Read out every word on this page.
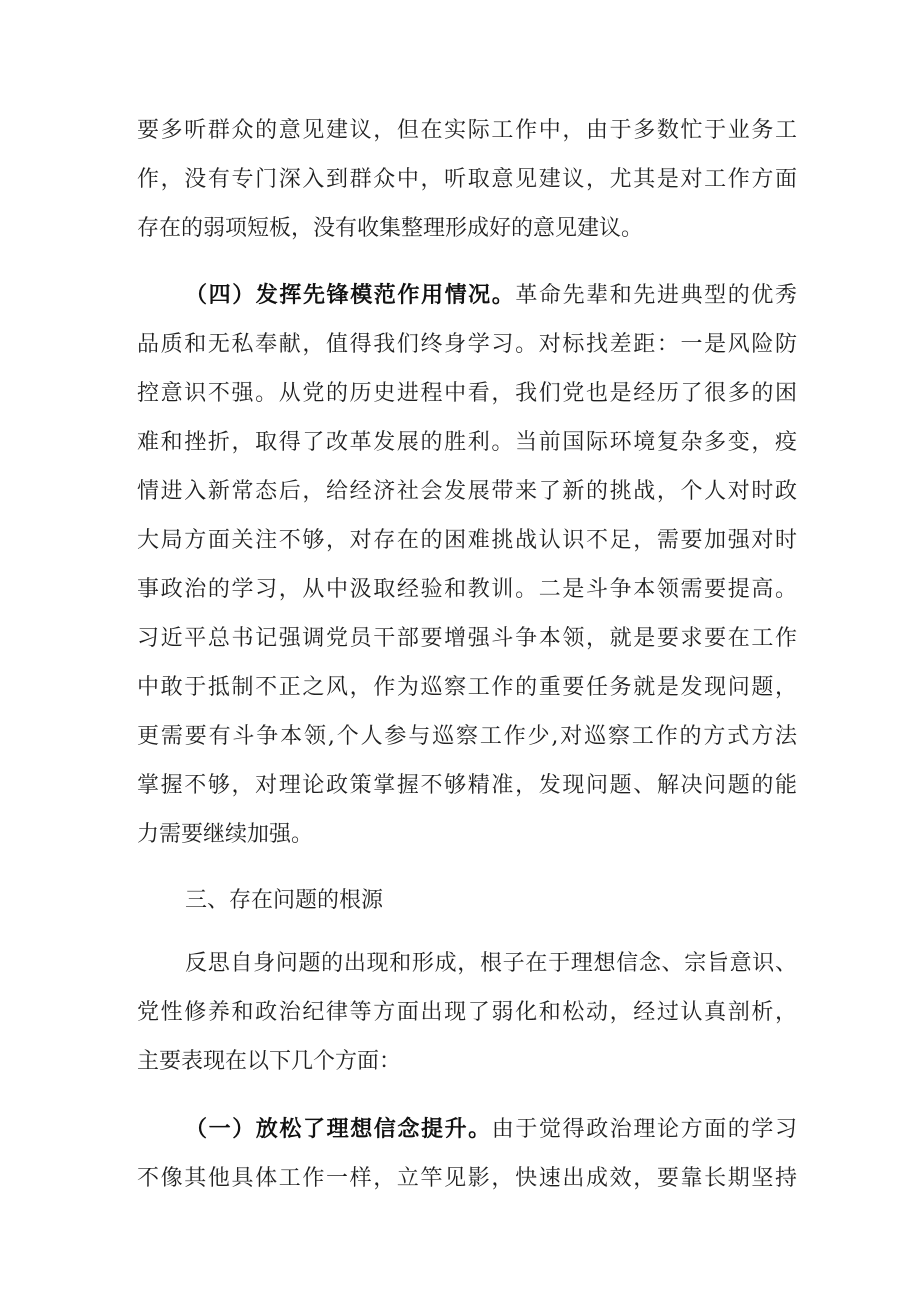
要多听群众的意见建议，但在实际工作中，由于多数忙于业务工
作，没有专门深入到群众中，听取意见建议，尤其是对工作方面
存在的弱项短板，没有收集整理形成好的意见建议。
（四）发挥先锋模范作用情况。革命先辈和先进典型的优秀
品质和无私奉献，值得我们终身学习。对标找差距：一是风险防
控意识不强。从党的历史进程中看，我们党也是经历了很多的困
难和挫折，取得了改革发展的胜利。当前国际环境复杂多变，疫
情进入新常态后，给经济社会发展带来了新的挑战，个人对时政
大局方面关注不够，对存在的困难挑战认识不足，需要加强对时
事政治的学习，从中汲取经验和教训。二是斗争本领需要提高。
习近平总书记强调党员干部要增强斗争本领，就是要求要在工作
中敢于抵制不正之风，作为巡察工作的重要任务就是发现问题，
更需要有斗争本领,个人参与巡察工作少,对巡察工作的方式方法
掌握不够，对理论政策掌握不够精准，发现问题、解决问题的能
力需要继续加强。
三、存在问题的根源
反思自身问题的出现和形成，根子在于理想信念、宗旨意识、
党性修养和政治纪律等方面出现了弱化和松动，经过认真剖析，
主要表现在以下几个方面：
（一）放松了理想信念提升。由于觉得政治理论方面的学习
不像其他具体工作一样，立竿见影，快速出成效，要靠长期坚持
